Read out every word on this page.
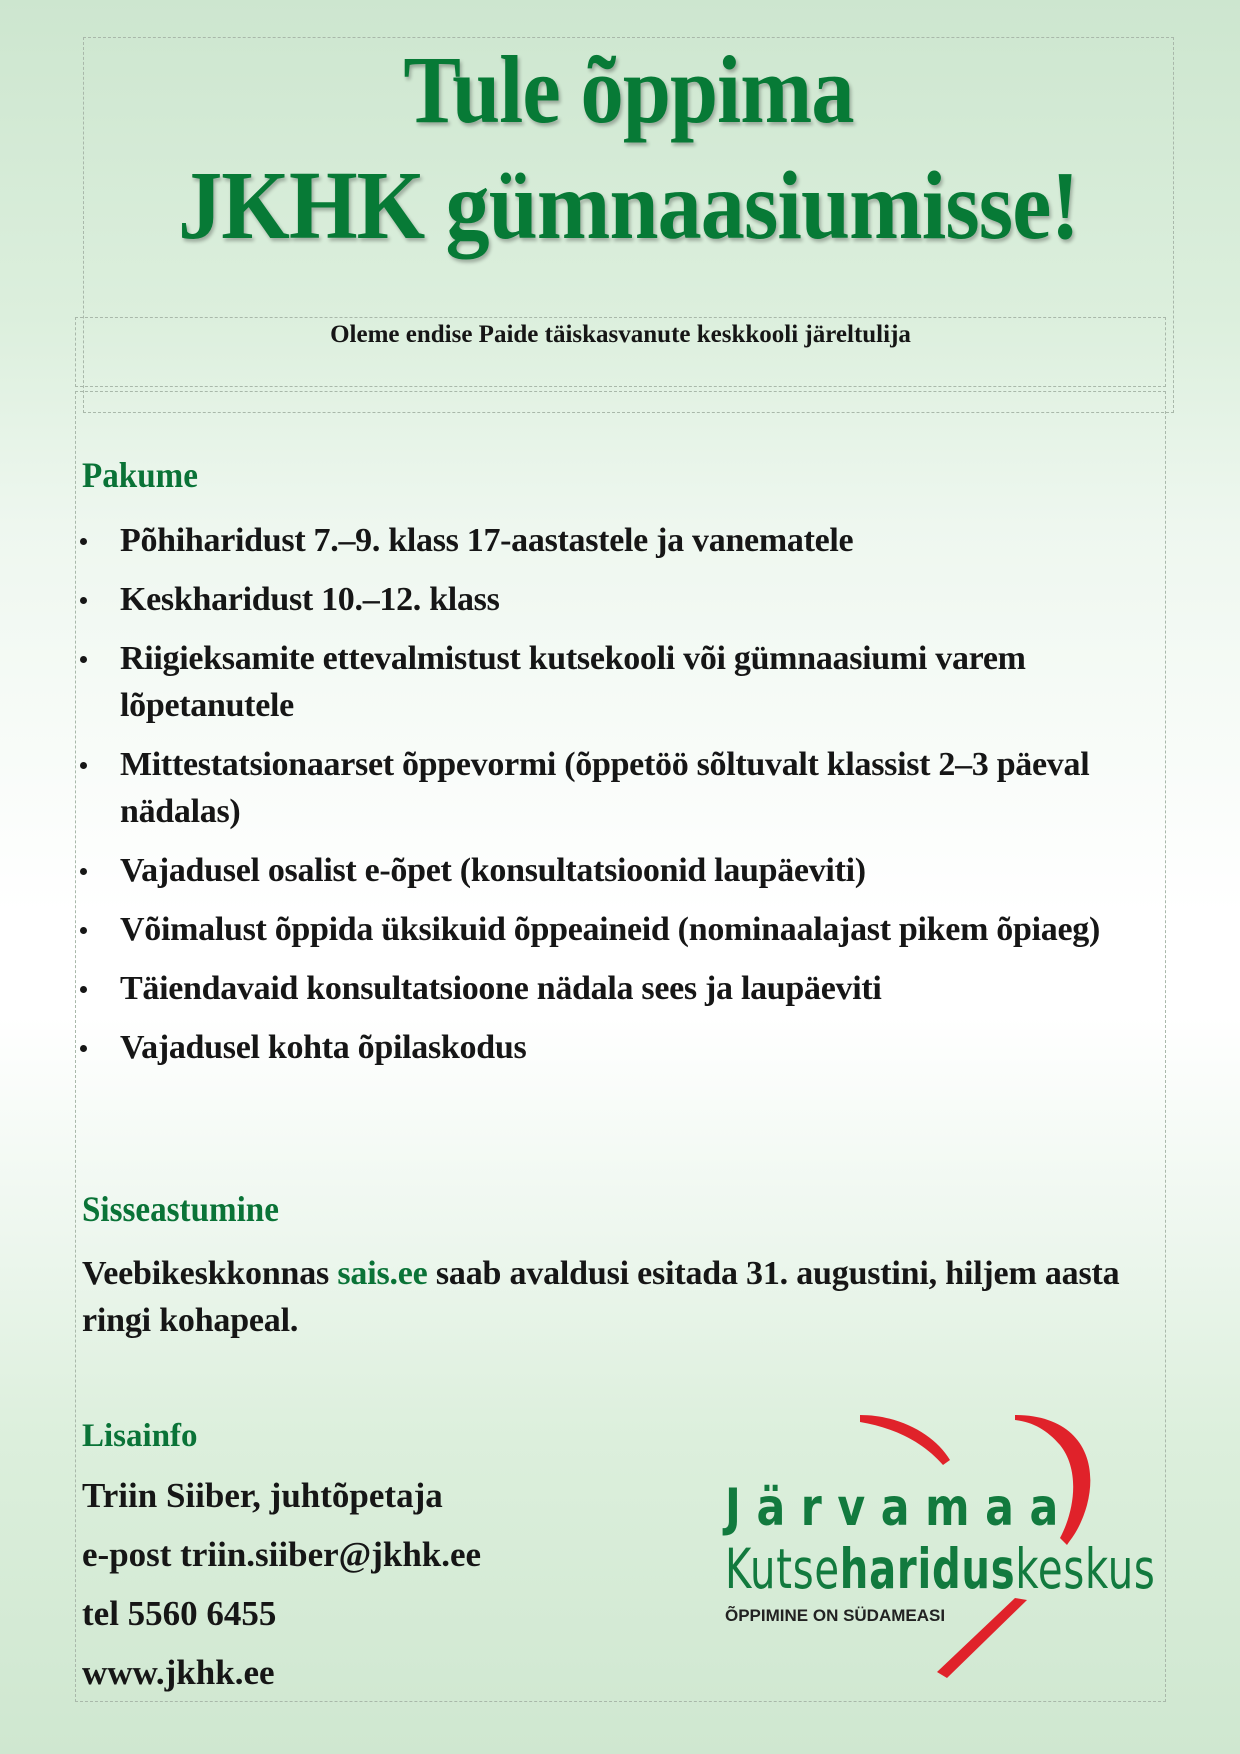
Tule õppima
JKHK gümnaasiumisse!
Oleme endise Paide täiskasvanute keskkooli järeltulija
Pakume
Põhiharidust 7.–9. klass 17-aastastele ja vanematele
Keskharidust 10.–12. klass
Riigieksamite ettevalmistust kutsekooli või gümnaasiumi varem lõpetanutele
Mittestatsionaarset õppevormi (õppetöö sõltuvalt klassist 2–3 päeval nädalas)
Vajadusel osalist e-õpet (konsultatsioonid laupäeviti)
Võimalust õppida üksikuid õppeaineid (nominaalajast pikem õpiaeg)
Täiendavaid konsultatsioone nädala sees ja laupäeviti
Vajadusel kohta õpilaskodus
Sisseastumine
Veebikeskkonnas sais.ee saab avaldusi esitada 31. augustini, hiljem aasta ringi kohapeal.
Lisainfo
Triin Siiber, juhtõpetaja
e-post triin.siiber@jkhk.ee
tel 5560 6455
www.jkhk.ee
Järvamaa
Kutsehariduskeskus
ÕPPIMINE ON SÜDAMEASI
